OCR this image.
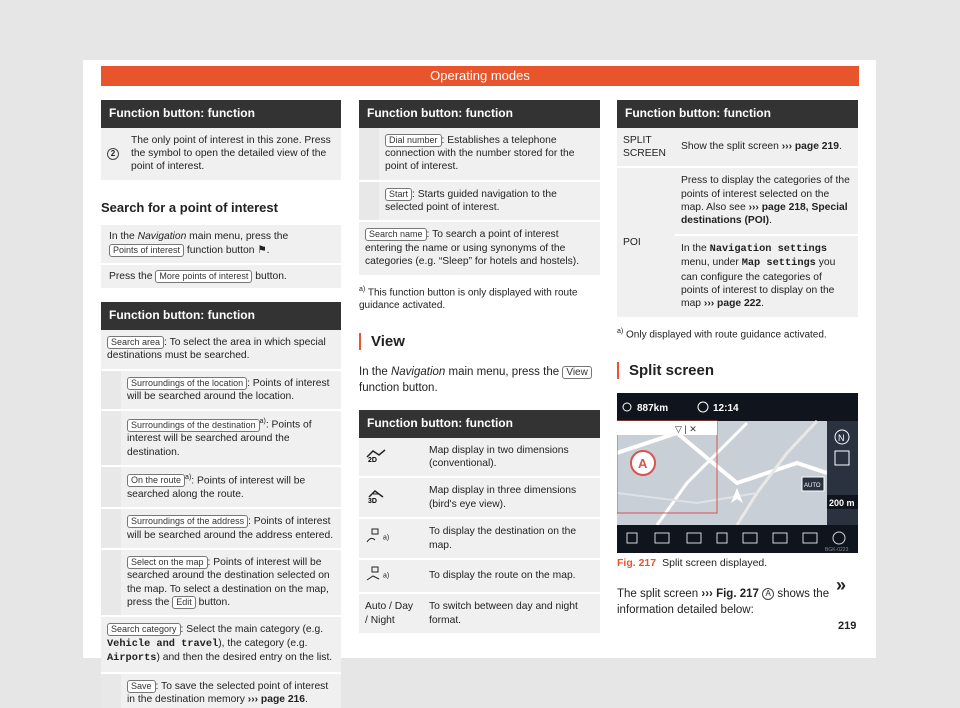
Operating modes
Function button: function
2	The only point of interest in this zone. Press the symbol to open the detailed view of the point of interest.
Search for a point of interest
In the Navigation main menu, press the Points of interest function button ⚑.
Press the More points of interest button.
Function button: function	
Search area : To select the area in which special destinations must be searched.	
	Surroundings of the location : Points of interest will be searched around the location.
	Surroundings of the destination $^{a)}$: Points of interest will be searched around the destination.
	On the route $^{a)}$: Points of interest will be searched along the route.
	Surroundings of the address : Points of interest will be searched around the address entered.
	Select on the map : Points of interest will be searched around the destination selected on the map. To select a destination on the map, press the Edit button.
Search category : Select the main category (e.g. Vehicle and travel), the category (e.g. Airports) and then the desired entry on the list.	
	Save : To save the selected point of interest in the destination memory ››› page 216.
Function button: function	
	Dial number : Establishes a telephone connection with the number stored for the point of interest.
	Start : Starts guided navigation to the selected point of interest.
Search name : To search a point of interest entering the name or using synonyms of the categories (e.g. “Sleep” for hotels and hostels).	

$^{a)}$ This function button is only displayed with route guidance activated.

View

In the Navigation main menu, press the View function button.

Function button: function	

2D	Map display in two dimensions (conventional).

3D	Map display in three dimensions (bird's eye view).
$^{a)}$	To display the destination on the map.
$^{a)}$	To display the route on the map.
Auto / Day / Night	To switch between day and night format.
Function button: function	
SPLIT SCREEN	Show the split screen ››› page 219.
POI	Press to display the categories of the points of interest selected on the map. Also see ››› page 218, Special destinations (POI).
	In the Navigation settings menu, under Map settings you can configure the categories of points of interest to display on the map ››› page 222.

$^{a)}$ Only displayed with route guidance activated.

Split screen
▽ | ✕
A
887km	12:14
N
AUTO
200 m
BGK-0223

Fig. 217 Split screen displayed.

The split screen ››› Fig. 217 A shows the information detailed below:

»
219
